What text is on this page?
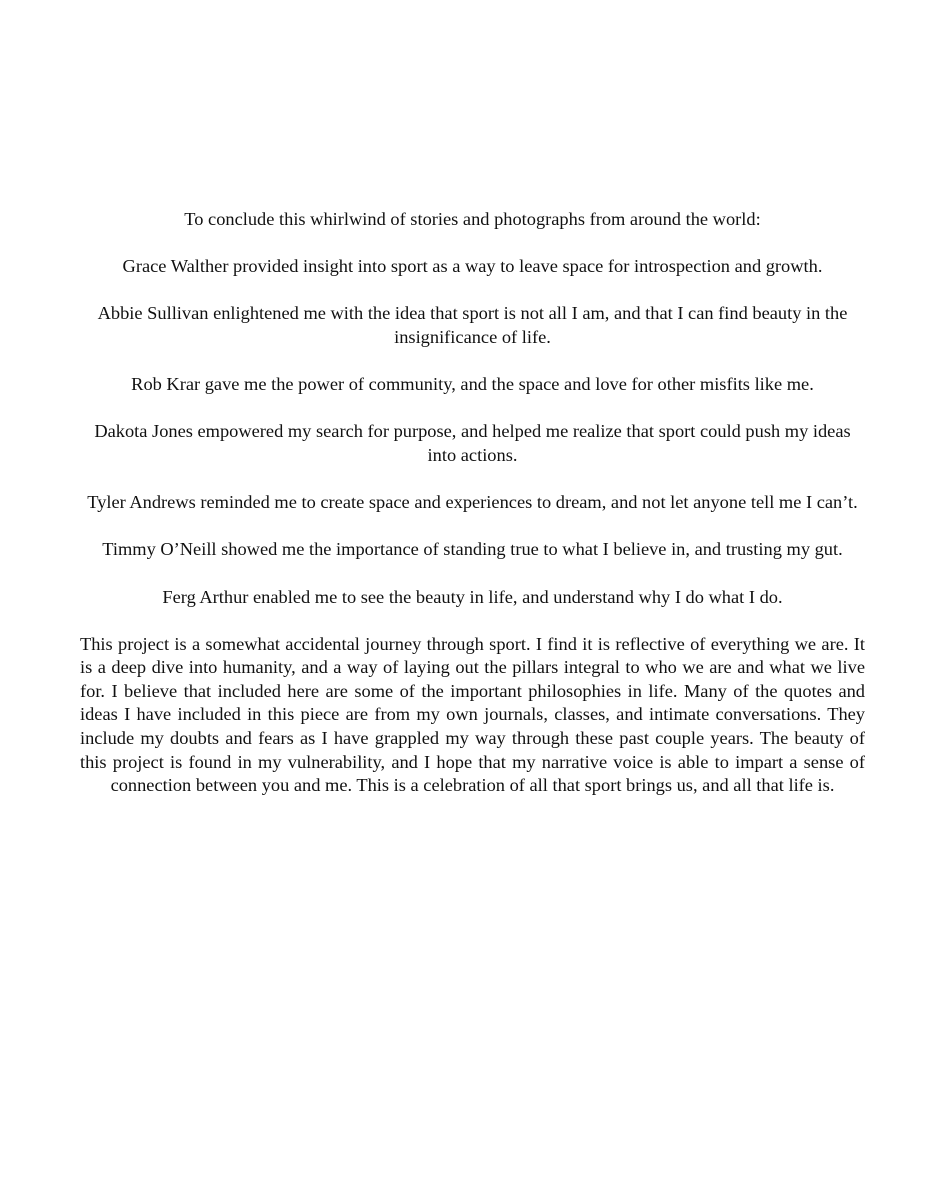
To conclude this whirlwind of stories and photographs from around the world:

Grace Walther provided insight into sport as a way to leave space for introspection and growth.

Abbie Sullivan enlightened me with the idea that sport is not all I am, and that I can find beauty in the insignificance of life.

Rob Krar gave me the power of community, and the space and love for other misfits like me.

Dakota Jones empowered my search for purpose, and helped me realize that sport could push my ideas into actions.

Tyler Andrews reminded me to create space and experiences to dream, and not let anyone tell me I can’t.

Timmy O’Neill showed me the importance of standing true to what I believe in, and trusting my gut.

Ferg Arthur enabled me to see the beauty in life, and understand why I do what I do.

This project is a somewhat accidental journey through sport. I find it is reflective of everything we are. It is a deep dive into humanity, and a way of laying out the pillars integral to who we are and what we live for. I believe that included here are some of the important philosophies in life. Many of the quotes and ideas I have included in this piece are from my own journals, classes, and intimate conversations. They include my doubts and fears as I have grappled my way through these past couple years. The beauty of this project is found in my vulnerability, and I hope that my narrative voice is able to impart a sense of connection between you and me. This is a celebration of all that sport brings us, and all that life is.
